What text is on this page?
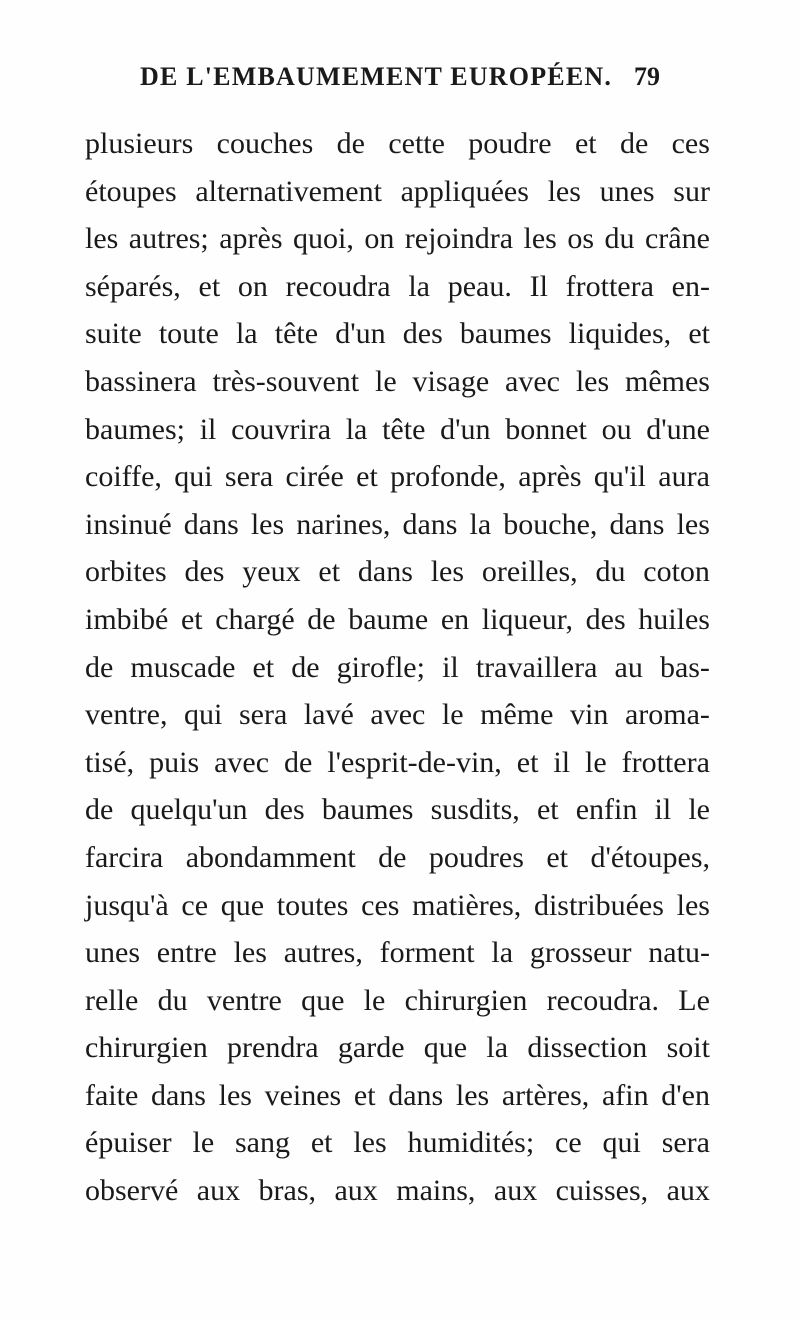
DE L'EMBAUMEMENT EUROPÉEN. 79
plusieurs couches de cette poudre et de ces
étoupes alternativement appliquées les unes sur
les autres; après quoi, on rejoindra les os du crâne
séparés, et on recoudra la peau. Il frottera en-
suite toute la tête d'un des baumes liquides, et
bassinera très-souvent le visage avec les mêmes
baumes; il couvrira la tête d'un bonnet ou d'une
coiffe, qui sera cirée et profonde, après qu'il aura
insinué dans les narines, dans la bouche, dans les
orbites des yeux et dans les oreilles, du coton
imbibé et chargé de baume en liqueur, des huiles
de muscade et de girofle; il travaillera au bas-
ventre, qui sera lavé avec le même vin aroma-
tisé, puis avec de l'esprit-de-vin, et il le frottera
de quelqu'un des baumes susdits, et enfin il le
farcira abondamment de poudres et d'étoupes,
jusqu'à ce que toutes ces matières, distribuées les
unes entre les autres, forment la grosseur natu-
relle du ventre que le chirurgien recoudra. Le
chirurgien prendra garde que la dissection soit
faite dans les veines et dans les artères, afin d'en
épuiser le sang et les humidités; ce qui sera
observé aux bras, aux mains, aux cuisses, aux
